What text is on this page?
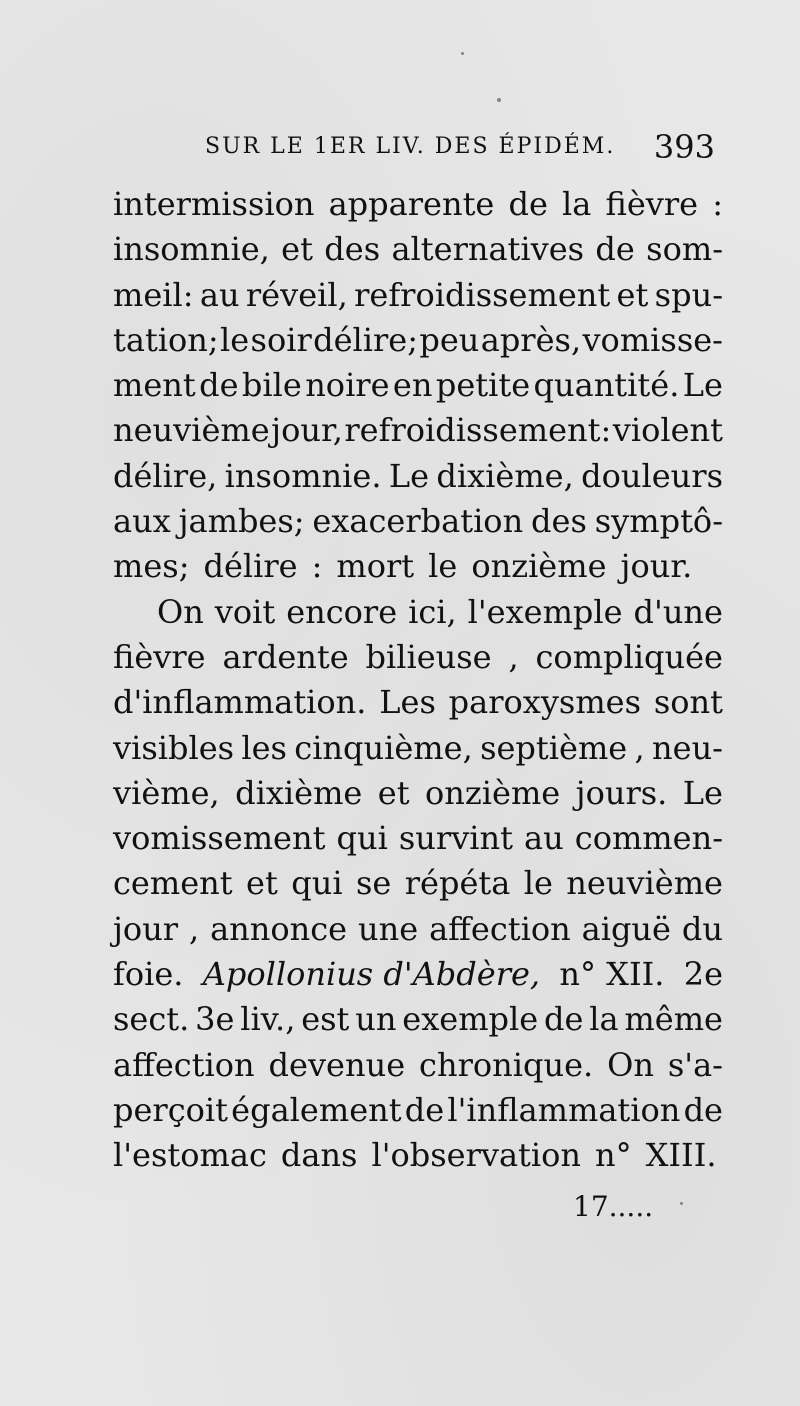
SUR LE 1ER LIV. DES ÉPIDÉM. 393
intermission apparente de la fièvre :
insomnie, et des alternatives de som-
meil: au réveil, refroidissement et spu-
tation; le soir délire; peu après, vomisse-
ment de bile noire en petite quantité. Le
neuvième jour, refroidissement: violent
délire, insomnie. Le dixième, douleurs
aux jambes; exacerbation des symptô-
mes; délire : mort le onzième jour.
On voit encore ici, l'exemple d'une
fièvre ardente bilieuse , compliquée
d'inflammation. Les paroxysmes sont
visibles les cinquième, septième , neu-
vième, dixième et onzième jours. Le
vomissement qui survint au commen-
cement et qui se répéta le neuvième
jour , annonce une affection aiguë du
foie. Apollonius d'Abdère, n° XII. 2e
sect. 3e liv., est un exemple de la même
affection devenue chronique. On s'a-
perçoit également de l'inflammation de
l'estomac dans l'observation n° XIII.
17.....
